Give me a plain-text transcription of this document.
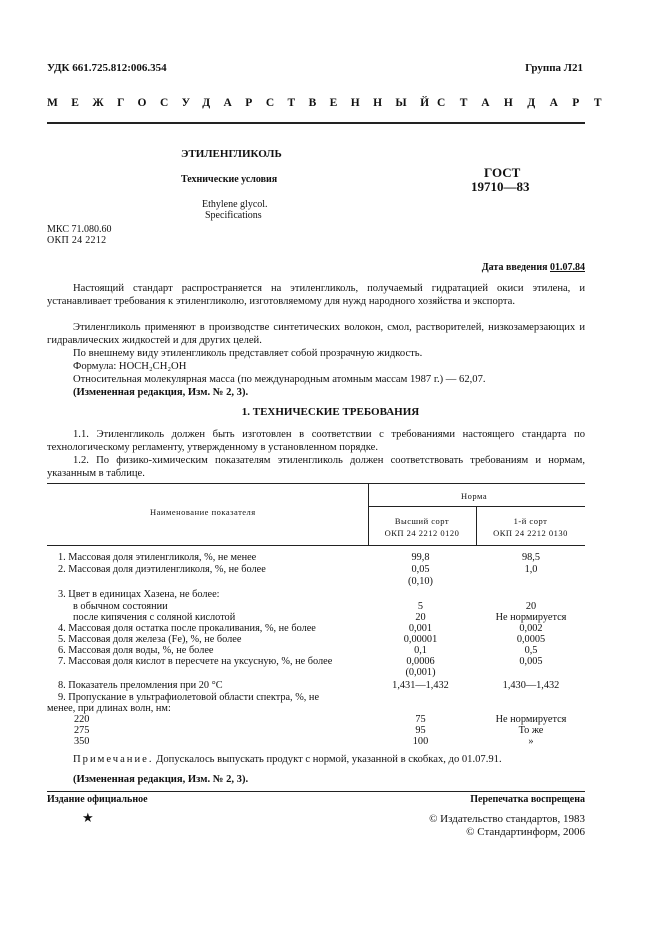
УДК 661.725.812:006.354	Группа Л21
МЕЖГОСУДАРСТВЕННЫЙ
СТАНДАРТ
ЭТИЛЕНГЛИКОЛЬ
Технические условия
Ethylene glycol.
Specifications
ГОСТ
19710—83
МКС 71.080.60
ОКП 24 2212
Дата введения 01.07.84
Настоящий стандарт распространяется на этиленгликоль, получаемый гидратацией окиси этилена, и устанавливает требования к этиленгликолю, изготовляемому для нужд народного хозяйства и экспорта.
Этиленгликоль применяют в производстве синтетических волокон, смол, растворителей, низкозамерзающих и гидравлических жидкостей и для других целей.
По внешнему виду этиленгликоль представляет собой прозрачную жидкость.
Формула: HOCH₂CH₂OH
Относительная молекулярная масса (по международным атомным массам 1987 г.) — 62,07.
(Измененная редакция, Изм. № 2, 3).
1. ТЕХНИЧЕСКИЕ ТРЕБОВАНИЯ
1.1. Этиленгликоль должен быть изготовлен в соответствии с требованиями настоящего стандарта по технологическому регламенту, утвержденному в установленном порядке.
1.2. По физико-химическим показателям этиленгликоль должен соответствовать требованиям и нормам, указанным в таблице.
Наименование показателя
Норма
Высший сорт
ОКП 24 2212 0120
1-й сорт
ОКП 24 2212 0130
1. Массовая доля этиленгликоля, %, не менее	99,8	98,5
2. Массовая доля диэтиленгликоля, %, не более	0,05	1,0
(0,10)
3. Цвет в единицах Хазена, не более:
в обычном состоянии	5	20
после кипячения с соляной кислотой	20	Не нормируется
4. Массовая доля остатка после прокаливания, %, не более	0,001	0,002
5. Массовая доля железа (Fe), %, не более	0,00001	0,0005
6. Массовая доля воды, %, не более	0,1	0,5
7. Массовая доля кислот в пересчете на уксусную, %, не более	0,0006	0,005
(0,001)
8. Показатель преломления при 20 °С	1,431—1,432	1,430—1,432
9. Пропускание в ультрафиолетовой области спектра, %, не
менее, при длинах волн, нм:
220	75	Не нормируется
275	95	То же
350	100	»
Примечание. Допускалось выпускать продукт с нормой, указанной в скобках, до 01.07.91.
(Измененная редакция, Изм. № 2, 3).
Издание официальное	Перепечатка воспрещена
★	© Издательство стандартов, 1983
© Стандартинформ, 2006
